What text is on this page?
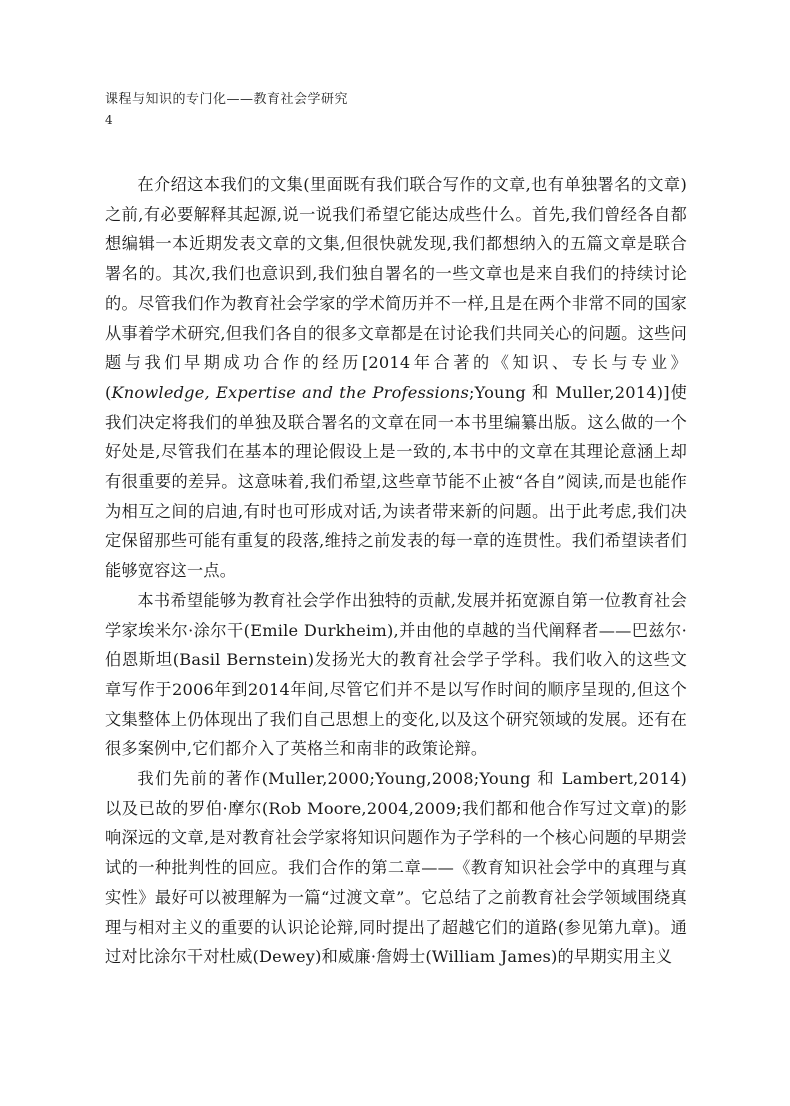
课程与知识的专门化——教育社会学研究
4

在介绍这本我们的文集(里面既有我们联合写作的文章,也有单独署名的文章)之前,有必要解释其起源,说一说我们希望它能达成些什么。首先,我们曾经各自都想编辑一本近期发表文章的文集,但很快就发现,我们都想纳入的五篇文章是联合署名的。其次,我们也意识到,我们独自署名的一些文章也是来自我们的持续讨论的。尽管我们作为教育社会学家的学术简历并不一样,且是在两个非常不同的国家从事着学术研究,但我们各自的很多文章都是在讨论我们共同关心的问题。这些问题与我们早期成功合作的经历[2014年合著的《知识、专长与专业》(Knowledge, Expertise and the Professions;Young 和 Muller,2014)]使我们决定将我们的单独及联合署名的文章在同一本书里编纂出版。这么做的一个好处是,尽管我们在基本的理论假设上是一致的,本书中的文章在其理论意涵上却有很重要的差异。这意味着,我们希望,这些章节能不止被“各自”阅读,而是也能作为相互之间的启迪,有时也可形成对话,为读者带来新的问题。出于此考虑,我们决定保留那些可能有重复的段落,维持之前发表的每一章的连贯性。我们希望读者们能够宽容这一点。

本书希望能够为教育社会学作出独特的贡献,发展并拓宽源自第一位教育社会学家埃米尔·涂尔干(Emile Durkheim),并由他的卓越的当代阐释者——巴兹尔·伯恩斯坦(Basil Bernstein)发扬光大的教育社会学子学科。我们收入的这些文章写作于2006年到2014年间,尽管它们并不是以写作时间的顺序呈现的,但这个文集整体上仍体现出了我们自己思想上的变化,以及这个研究领域的发展。还有在很多案例中,它们都介入了英格兰和南非的政策论辩。

我们先前的著作(Muller,2000;Young,2008;Young 和 Lambert,2014)以及已故的罗伯·摩尔(Rob Moore,2004,2009;我们都和他合作写过文章)的影响深远的文章,是对教育社会学家将知识问题作为子学科的一个核心问题的早期尝试的一种批判性的回应。我们合作的第二章——《教育知识社会学中的真理与真实性》最好可以被理解为一篇“过渡文章”。它总结了之前教育社会学领域围绕真理与相对主义的重要的认识论论辩,同时提出了超越它们的道路(参见第九章)。通过对比涂尔干对杜威(Dewey)和威廉·詹姆士(William James)的早期实用主义
